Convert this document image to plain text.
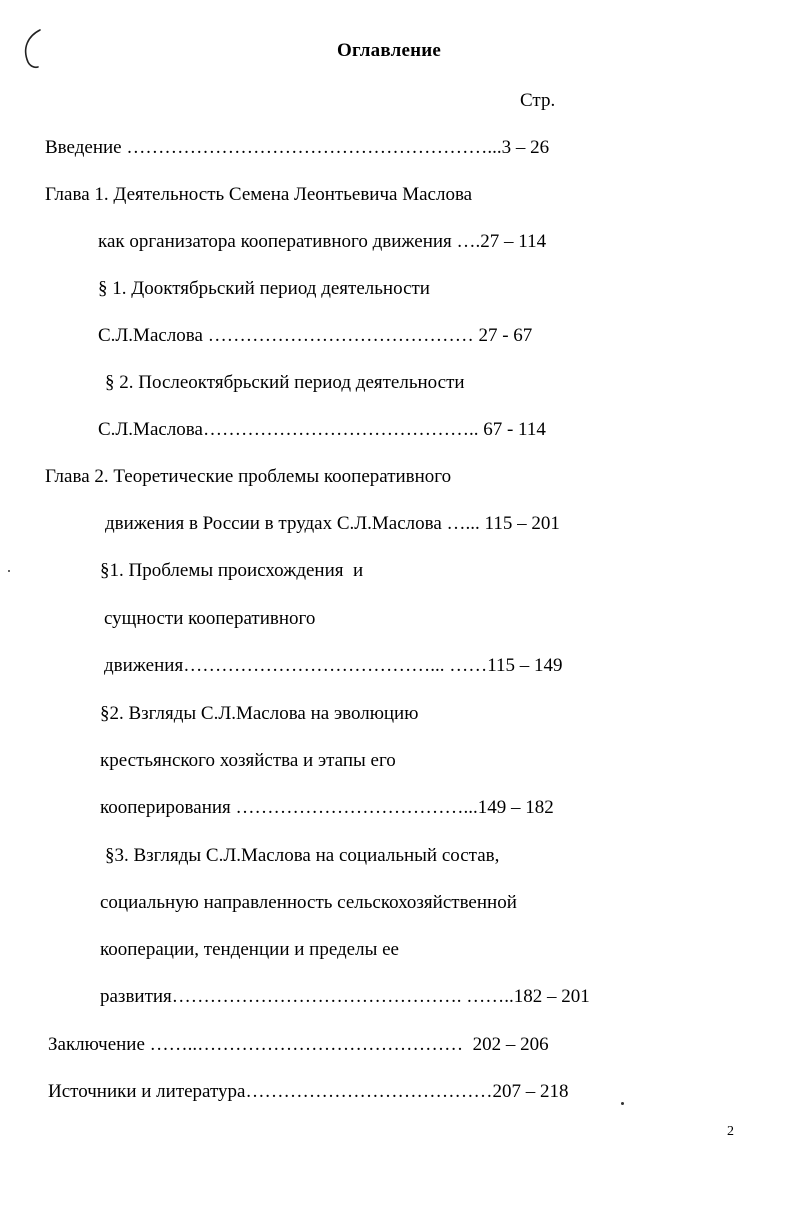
Оглавление
Стр.
Введение …………………………………………………...3 – 26
Глава 1. Деятельность Семена Леонтьевича Маслова
как организатора кооперативного движения ….27 – 114
§ 1. Дооктябрьский период деятельности
С.Л.Маслова …………………………………… 27 - 67
§ 2. Послеоктябрьский период деятельности
С.Л.Маслова…………………………………….. 67 - 114
Глава 2. Теоретические проблемы кооперативного
движения в России в трудах С.Л.Маслова …... 115 – 201
§1. Проблемы происхождения  и
сущности кооперативного
движения…………………………………... ……115 – 149
§2. Взгляды С.Л.Маслова на эволюцию
крестьянского хозяйства и этапы его
кооперирования ………………………………...149 – 182
§3. Взгляды С.Л.Маслова на социальный состав,
социальную направленность сельскохозяйственной
кооперации, тенденции и пределы ее
развития………………………………………. ……..182 – 201
Заключение ……..……………………………………  202 – 206
Источники и литература…………………………………207 – 218
2
